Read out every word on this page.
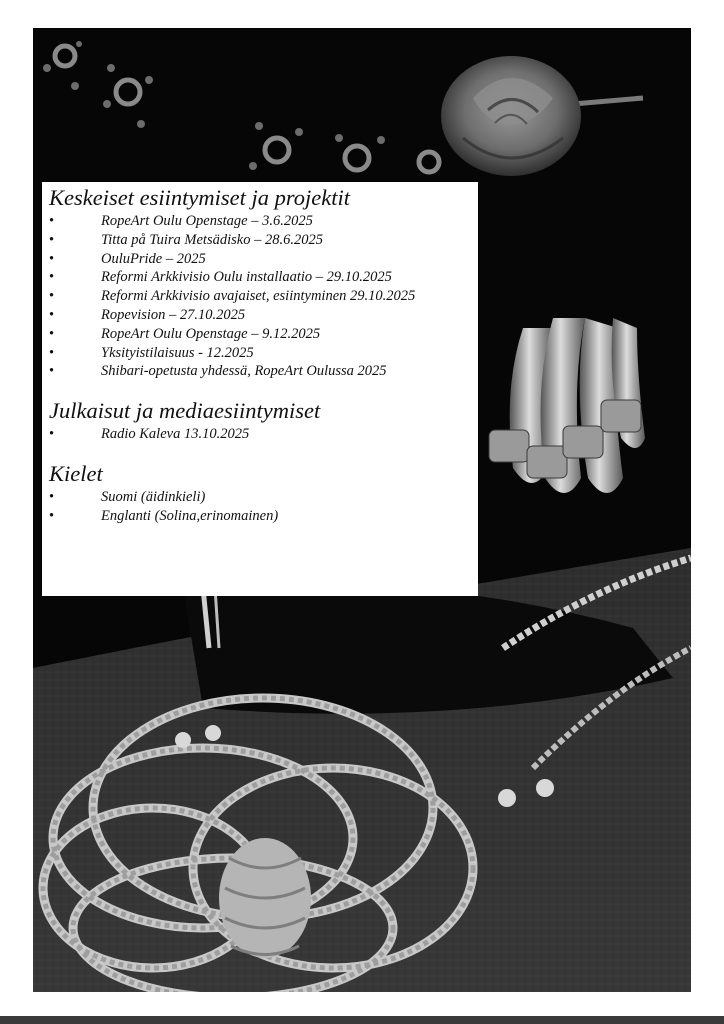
Keskeiset esiintymiset ja projektit
• RopeArt Oulu Openstage – 3.6.2025
• Titta på Tuira Metsädisko – 28.6.2025
• OuluPride – 2025
• Reformi Arkkivisio Oulu installaatio – 29.10.2025
• Reformi Arkkivisio avajaiset, esiintyminen 29.10.2025
• Ropevision – 27.10.2025
• RopeArt Oulu Openstage – 9.12.2025
• Yksityistilaisuus - 12.2025
• Shibari-opetusta yhdessä, RopeArt Oulussa 2025
Julkaisut ja mediaesiintymiset
• Radio Kaleva 13.10.2025
Kielet
• Suomi (äidinkieli)
• Englanti (Solina,erinomainen)
